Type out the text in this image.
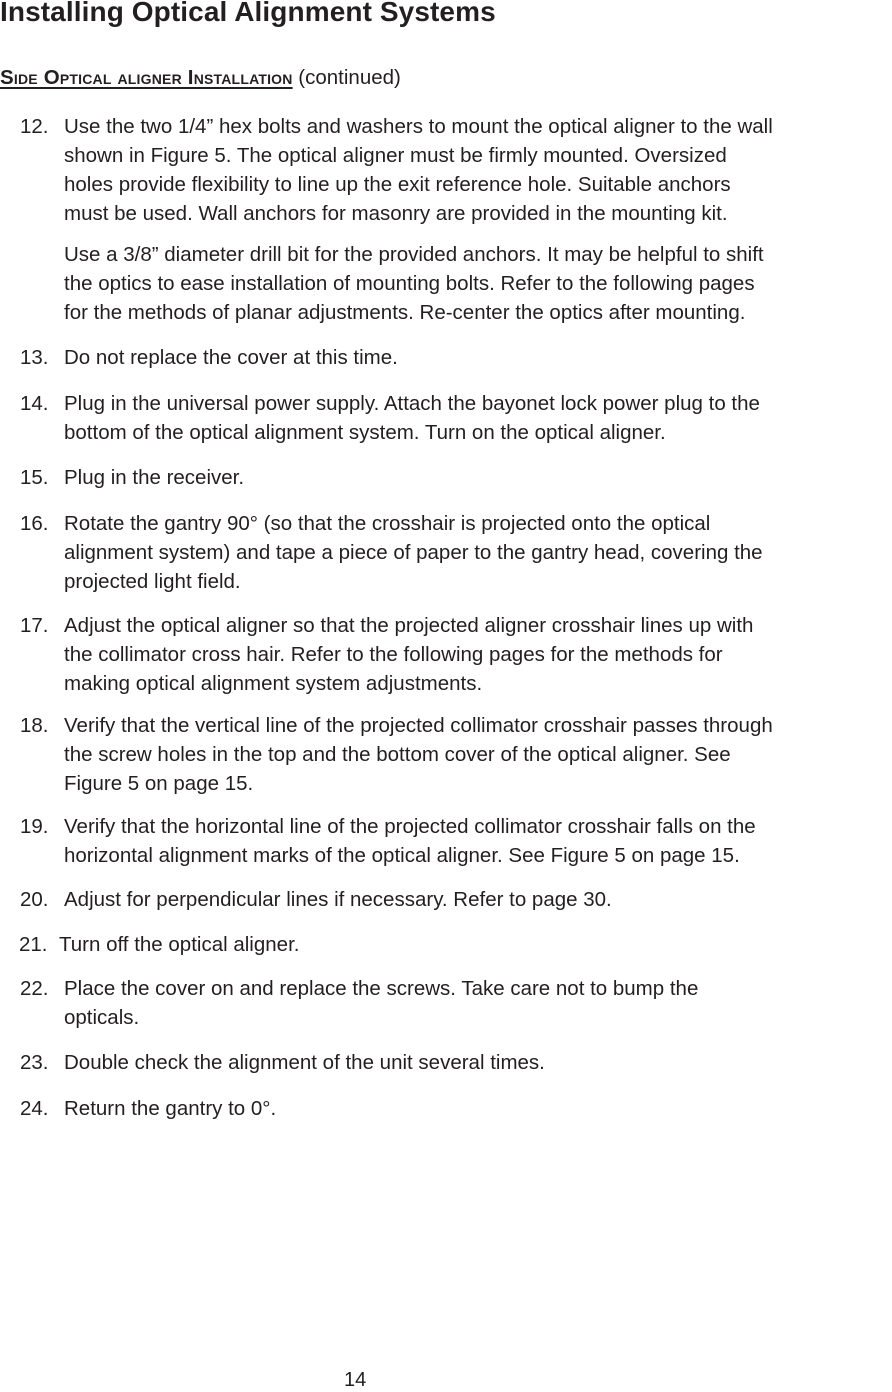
Installing Optical Alignment Systems
Side Optical aligner Installation (continued)
12. Use the two 1/4” hex bolts and washers to mount the optical aligner to the wall

shown in Figure 5. The optical aligner must be firmly mounted. Oversized

holes provide flexibility to line up the exit reference hole. Suitable anchors

must be used. Wall anchors for masonry are provided in the mounting kit.

Use a 3/8” diameter drill bit for the provided anchors. It may be helpful to shift

the optics to ease installation of mounting bolts. Refer to the following pages

for the methods of planar adjustments. Re-center the optics after mounting.

13. Do not replace the cover at this time.

14. Plug in the universal power supply. Attach the bayonet lock power plug to the

bottom of the optical alignment system. Turn on the optical aligner.

15. Plug in the receiver.

16. Rotate the gantry 90° (so that the crosshair is projected onto the optical

alignment system) and tape a piece of paper to the gantry head, covering the

projected light field.

17. Adjust the optical aligner so that the projected aligner crosshair lines up with

the collimator cross hair. Refer to the following pages for the methods for

making optical alignment system adjustments.

18. Verify that the vertical line of the projected collimator crosshair passes through

the screw holes in the top and the bottom cover of the optical aligner. See

Figure 5 on page 15.

19. Verify that the horizontal line of the projected collimator crosshair falls on the

horizontal alignment marks of the optical aligner. See Figure 5 on page 15.

20. Adjust for perpendicular lines if necessary. Refer to page 30.

21. Turn off the optical aligner.

22. Place the cover on and replace the screws. Take care not to bump the

opticals.

23. Double check the alignment of the unit several times.

24. Return the gantry to 0°.

14
